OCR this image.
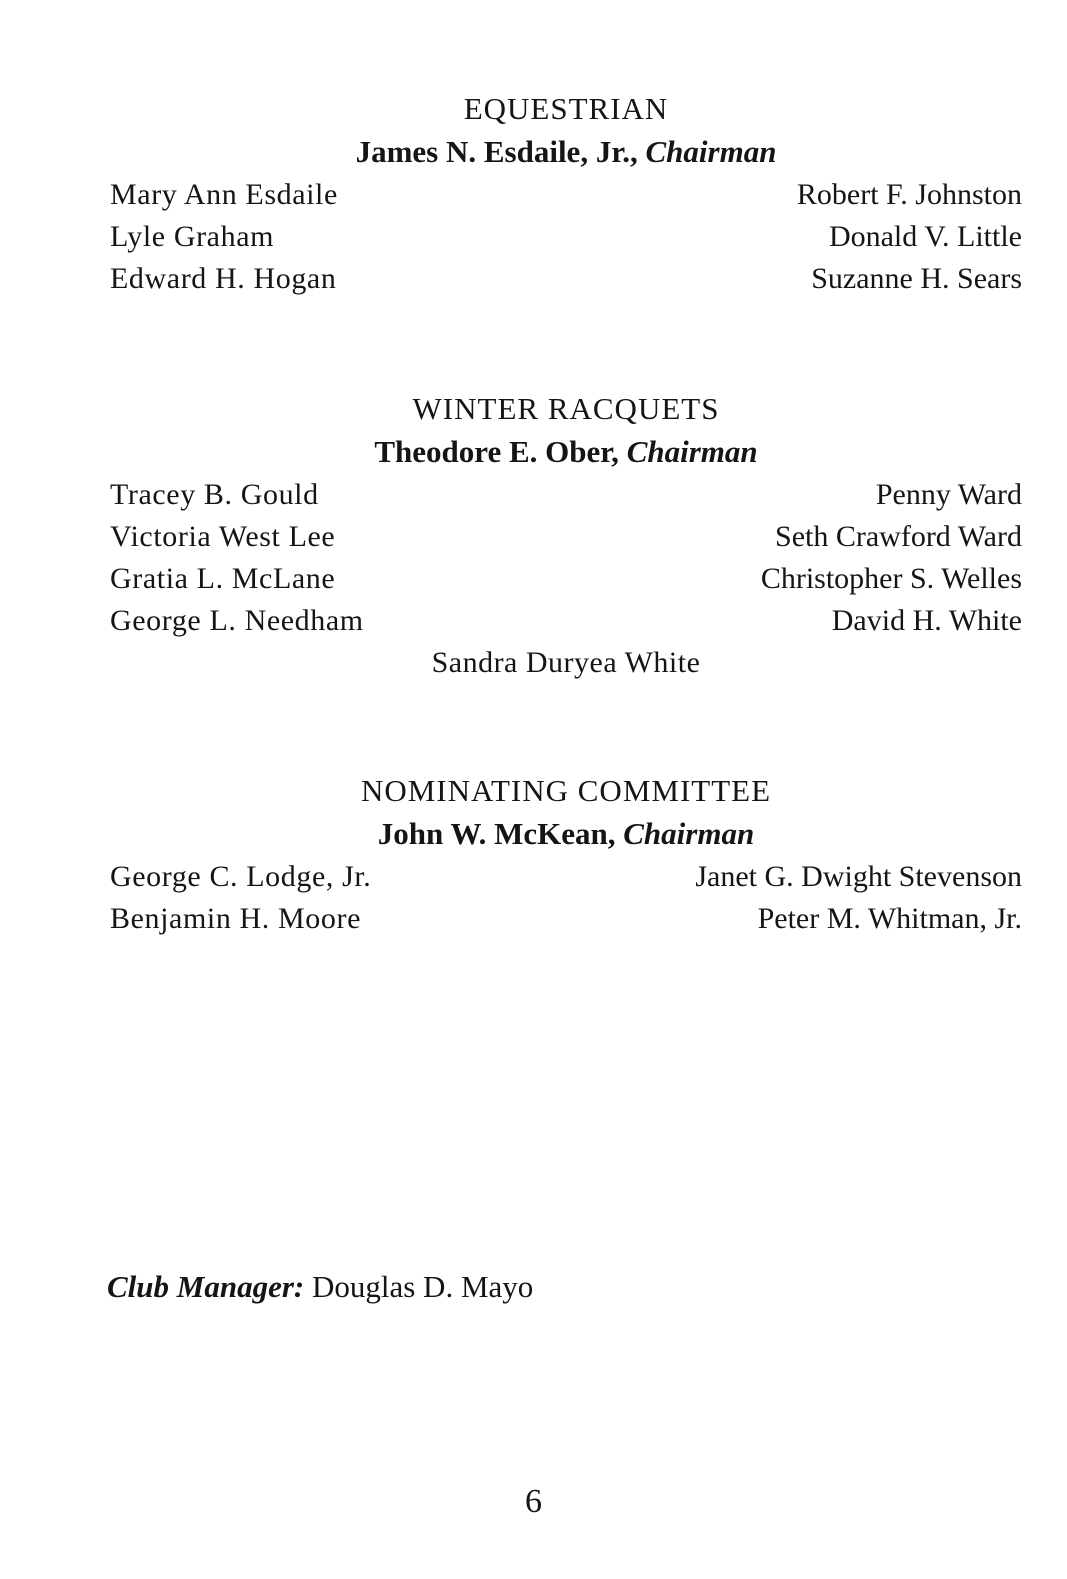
EQUESTRIAN
James N. Esdaile, Jr., Chairman
Mary Ann Esdaile
Lyle Graham
Edward H. Hogan
Robert F. Johnston
Donald V. Little
Suzanne H. Sears
WINTER RACQUETS
Theodore E. Ober, Chairman
Tracey B. Gould
Victoria West Lee
Gratia L. McLane
George L. Needham
Penny Ward
Seth Crawford Ward
Christopher S. Welles
David H. White
Sandra Duryea White
NOMINATING COMMITTEE
John W. McKean, Chairman
George C. Lodge, Jr.
Benjamin H. Moore
Janet G. Dwight Stevenson
Peter M. Whitman, Jr.
Club Manager: Douglas D. Mayo
6
